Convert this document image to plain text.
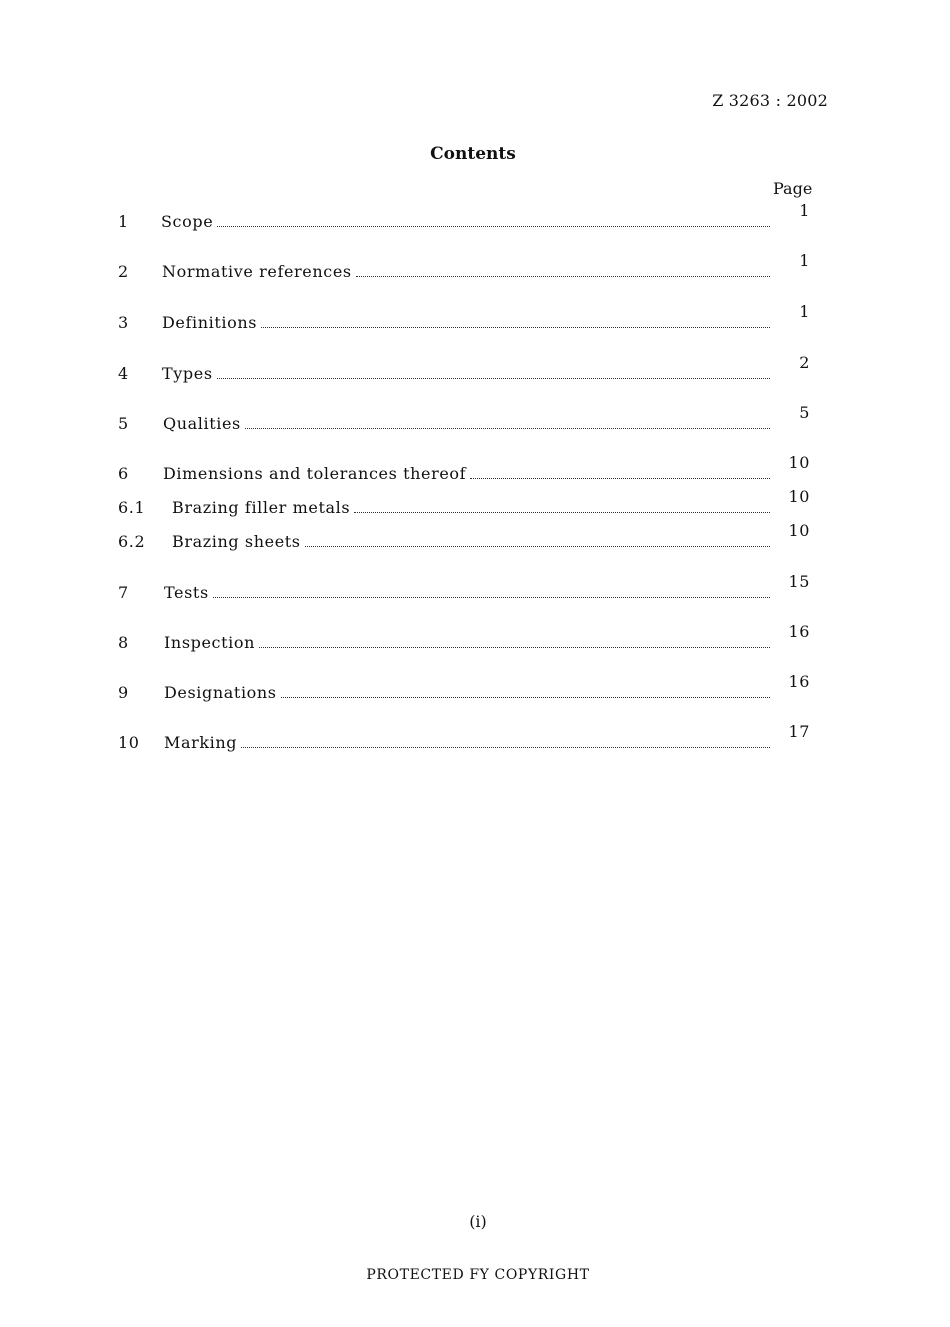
Z 3263 : 2002
Contents
Page
1 Scope
1
2 Normative references
1
3 Definitions
1
4 Types
2
5 Qualities
5
6 Dimensions and tolerances thereof
10
6.1 Brazing filler metals
10
6.2 Brazing sheets
10
7 Tests
15
8 Inspection
16
9 Designations
16
10 Marking
17
(i)
PROTECTED FY COPYRIGHT
